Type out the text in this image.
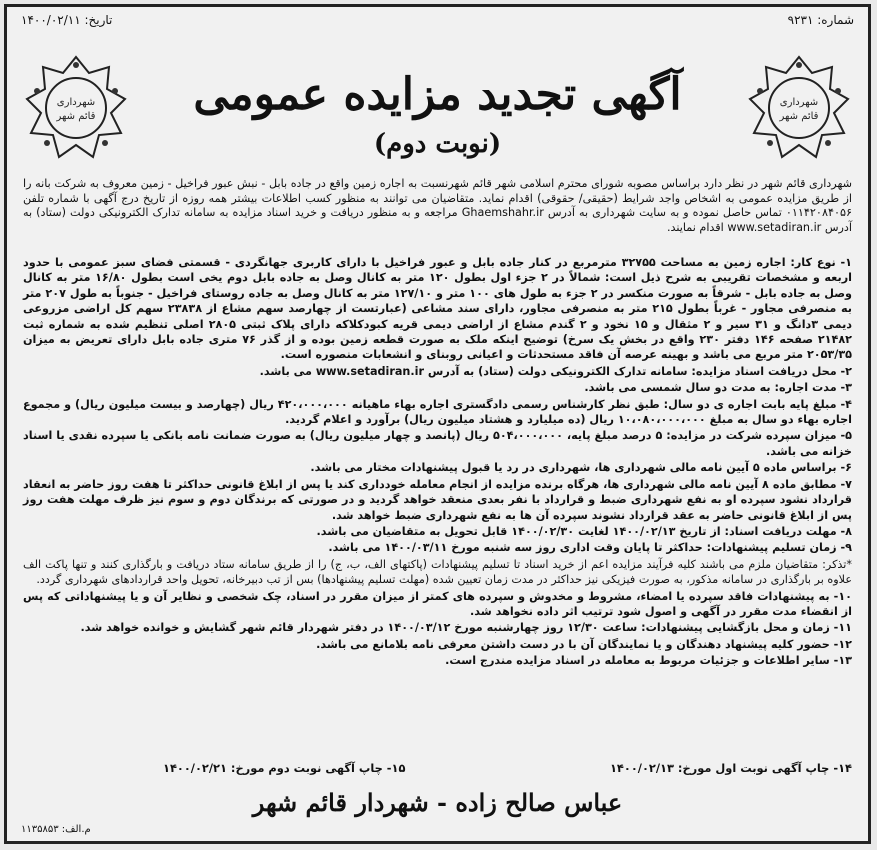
شماره: ۹۲۳۱
تاریخ: ۱۴۰۰/۰۲/۱۱
شهرداری
قائم شهر
شهرداری
قائم شهر	آگهی تجدید مزایده عمومی
(نوبت دوم)
شهرداری قائم شهر در نظر دارد براساس مصوبه شورای محترم اسلامی شهر قائم شهرنسبت به اجاره زمین واقع در جاده بابل - نبش عبور فراخیل - زمین معروف به شرکت بانه را از طریق مزایده عمومی به اشخاص واجد شرایط (حقیقی/ حقوقی) اقدام نماید. متقاضیان می توانند به منظور کسب اطلاعات بیشتر همه روزه از تاریخ درج آگهی با شماره تلفن ۰۱۱۴۲۰۸۴۰۵۶ تماس حاصل نموده و به سایت شهرداری به آدرس Ghaemshahr.ir مراجعه و به منظور دریافت و خرید اسناد مزایده به سامانه تدارک الکترونیکی دولت (ستاد) به آدرس www.setadiran.ir اقدام نمایند.

۱- نوع کار: اجاره زمین به مساحت ۳۲۷۵۵ مترمربع در کنار جاده بابل و عبور فراخیل با دارای کاربری جهانگردی - قسمتی فضای سبز عمومی با حدود اربعه و مشخصات تقریبی به شرح ذیل است: شمالاً در ۲ جزء اول بطول ۱۲۰ متر به کانال وصل به جاده بابل دوم یخی است بطول ۱۶/۸۰ متر به کانال وصل به جاده بابل - شرقاً به صورت منکسر در ۲ جزء به طول های ۱۰۰ متر و ۱۲۷/۱۰ متر به کانال وصل به جاده روستای فراخیل - جنوباً به طول ۲۰۷ متر به منصرفی مجاور - غرباً بطول ۲۱۵ متر به منصرفی مجاور، دارای سند مشاعی (عبارتست از چهارصد سهم مشاع از ۲۳۸۳۸ سهم کل اراضی مزروعی دیمی ۳دانگ و ۳۱ سیر و ۲ مثقال و ۱۵ نخود و ۲ گندم مشاع از اراضی دیمی قریه کبودکلاکه دارای پلاک ثبتی ۲۸۰۵ اصلی تنظیم شده به شماره ثبت ۲۱۴۸۲ صفحه ۱۴۶ دفتر ۲۳۰ واقع در بخش یک سرخ) توضیح اینکه ملک به صورت قطعه زمین بوده و از گذر ۷۶ متری جاده بابل دارای تعریض به میزان ۲۰۵۳/۳۵ متر مربع می باشد و بهینه عرصه آن فاقد مستحدثات و اعیانی روبنای و انشعابات منصوره است.

۲- محل دریافت اسناد مزایده: سامانه تدارک الکترونیکی دولت (ستاد) به آدرس www.setadiran.ir می باشد.

۳- مدت اجاره: به مدت دو سال شمسی می باشد.

۴- مبلغ پایه بابت اجاره ی دو سال: طبق نظر کارشناس رسمی دادگستری اجاره بهاء ماهیانه ۴۲۰،۰۰۰،۰۰۰ ریال (چهارصد و بیست میلیون ریال) و مجموع اجاره بهاء دو سال به مبلغ ۱۰،۰۸۰،۰۰۰،۰۰۰ ریال (ده میلیارد و هشتاد میلیون ریال) برآورد و اعلام گردید.

۵- میزان سپرده شرکت در مزایده: ۵ درصد مبلغ پایه، ۵۰۴،۰۰۰،۰۰۰ ریال (پانصد و چهار میلیون ریال) به صورت ضمانت نامه بانکی یا سپرده نقدی یا اسناد خزانه می باشد.

۶- براساس ماده ۵ آیین نامه مالی شهرداری ها، شهرداری در رد یا قبول پیشنهادات مختار می باشد.

۷- مطابق ماده ۸ آیین نامه مالی شهرداری ها، هرگاه برنده مزایده از انجام معامله خودداری کند یا پس از ابلاغ قانونی حداکثر تا هفت روز حاضر به انعقاد قرارداد نشود سپرده او به نفع شهرداری ضبط و قرارداد با نفر بعدی منعقد خواهد گردید و در صورتی که برندگان دوم و سوم نیز ظرف مهلت هفت روز پس از ابلاغ قانونی حاضر به عقد قرارداد نشوند سپرده آن ها به نفع شهرداری ضبط خواهد شد.

۸- مهلت دریافت اسناد: از تاریخ ۱۴۰۰/۰۲/۱۳ لغایت ۱۴۰۰/۰۲/۳۰ قابل تحویل به متقاضیان می باشد.

۹- زمان تسلیم پیشنهادات: حداکثر تا پایان وقت اداری روز سه شنبه مورخ ۱۴۰۰/۰۳/۱۱ می باشد.

*تذکر: متقاضیان ملزم می باشند کلیه فرآیند مزایده اعم از خرید اسناد تا تسلیم پیشنهادات (پاکتهای الف، ب، ج) را از طریق سامانه ستاد دریافت و بارگذاری کنند و تنها پاکت الف علاوه بر بارگذاری در سامانه مذکور، به صورت فیزیکی نیز حداکثر در مدت زمان تعیین شده (مهلت تسلیم پیشنهادها) بس از تب دبیرخانه، تحویل واحد قراردادهای شهرداری گردد.

۱۰- به پیشنهادات فاقد سپرده یا امضاء، مشروط و مخدوش و سپرده های کمتر از میزان مقرر در اسناد، چک شخصی و نظایر آن و یا پیشنهاداتی که پس از انقضاء مدت مقرر در آگهی و اصول شود ترتیب اثر داده نخواهد شد.

۱۱- زمان و محل بازگشایی پیشنهادات: ساعت ۱۲/۳۰ روز چهارشنبه مورخ ۱۴۰۰/۰۳/۱۲ در دفتر شهردار قائم شهر گشایش و خوانده خواهد شد.

۱۲- حضور کلیه پیشنهاد دهندگان و یا نمایندگان آن با در دست داشتن معرفی نامه بلامانع می باشد.

۱۳- سایر اطلاعات و جزئیات مربوط به معامله در اسناد مزایده مندرج است.

۱۴- چاپ آگهی نوبت اول مورخ: ۱۴۰۰/۰۲/۱۳
۱۵- چاپ آگهی نوبت دوم مورخ: ۱۴۰۰/۰۲/۲۱
عباس صالح زاده - شهردار قائم شهر
م.الف: ۱۱۳۵۸۵۳
